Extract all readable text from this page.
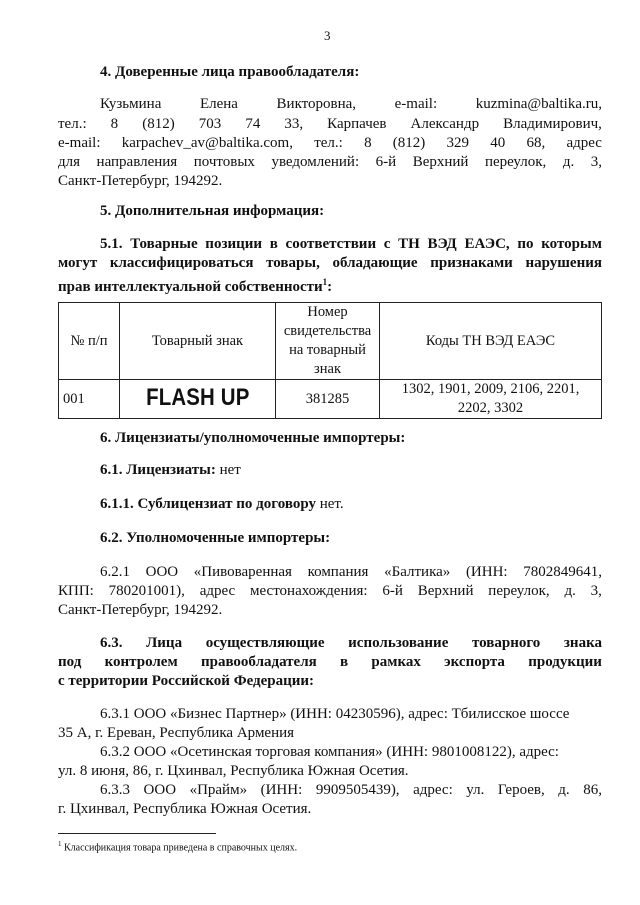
3
4. Доверенные лица правообладателя:
Кузьмина	Елена	Викторовна,	e-mail:	kuzmina@baltika.ru,
тел.: 8 (812) 703 74 33, Карпачев Александр Владимирович,
e-mail: karpachev_av@baltika.com, тел.: 8 (812) 329 40 68, адрес
для направления почтовых уведомлений: 6-й Верхний переулок, д. 3,
Санкт-Петербург, 194292.
5. Дополнительная информация:
5.1. Товарные позиции в соответствии с ТН ВЭД ЕАЭС, по которым
могут классифицироваться товары, обладающие признаками нарушения
прав интеллектуальной собственности$^1$:
№ п/п	Товарный знак	Номер свидетельства на товарный знак	Коды ТН ВЭД ЕАЭС
001	FLASH UP	381285	1302, 1901, 2009, 2106, 2201, 2202, 3302
6. Лицензиаты/уполномоченные импортеры:
6.1. Лицензиаты: нет
6.1.1. Сублицензиат по договору нет.
6.2. Уполномоченные импортеры:
6.2.1 ООО «Пивоваренная компания «Балтика» (ИНН: 7802849641,
КПП: 780201001), адрес местонахождения: 6-й Верхний переулок, д. 3,
Санкт-Петербург, 194292.
6.3. Лица осуществляющие использование товарного знака
под контролем правообладателя в рамках экспорта продукции
с территории Российской Федерации:
6.3.1 ООО «Бизнес Партнер» (ИНН: 04230596), адрес: Тбилисское шоссе
35 А, г. Ереван, Республика Армения
6.3.2 ООО «Осетинская торговая компания» (ИНН: 9801008122), адрес:
ул. 8 июня, 86, г. Цхинвал, Республика Южная Осетия.
6.3.3 ООО «Прайм» (ИНН: 9909505439), адрес: ул. Героев, д. 86,
г. Цхинвал, Республика Южная Осетия.
$^1$ Классификация товара приведена в справочных целях.
